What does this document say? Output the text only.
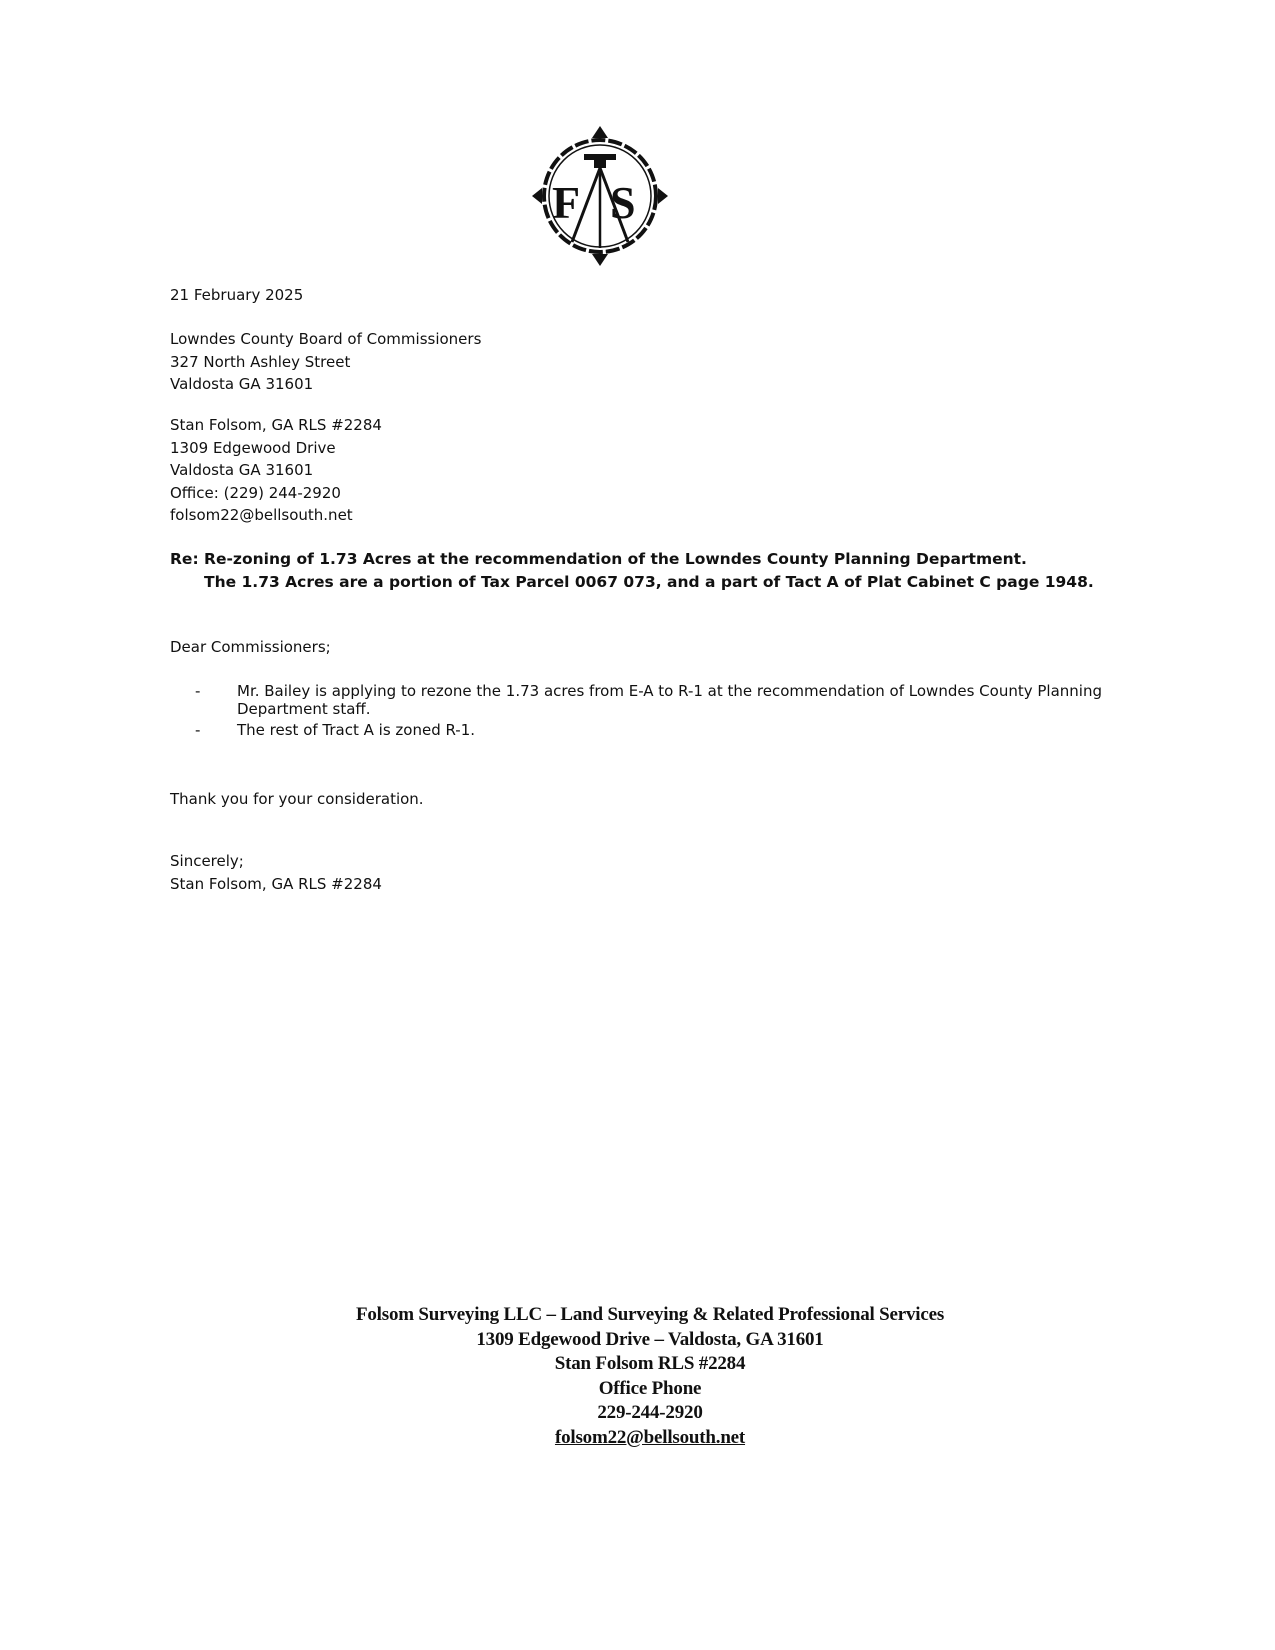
F S
21 February 2025
Lowndes County Board of Commissioners
327 North Ashley Street
Valdosta GA 31601
Stan Folsom, GA RLS #2284
1309 Edgewood Drive
Valdosta GA 31601
Office: (229) 244-2920
folsom22@bellsouth.net
Re: Re-zoning of 1.73 Acres at the recommendation of the Lowndes County Planning Department.
The 1.73 Acres are a portion of Tax Parcel 0067 073, and a part of Tact A of Plat Cabinet C page 1948.
Dear Commissioners;
-	Mr. Bailey is applying to rezone the 1.73 acres from E-A to R-1 at the recommendation of Lowndes County Planning Department staff.
-	The rest of Tract A is zoned R-1.
Thank you for your consideration.
Sincerely;
Stan Folsom, GA RLS #2284
Folsom Surveying LLC – Land Surveying & Related Professional Services
1309 Edgewood Drive – Valdosta, GA 31601
Stan Folsom RLS #2284
Office Phone
229-244-2920
folsom22@bellsouth.net
